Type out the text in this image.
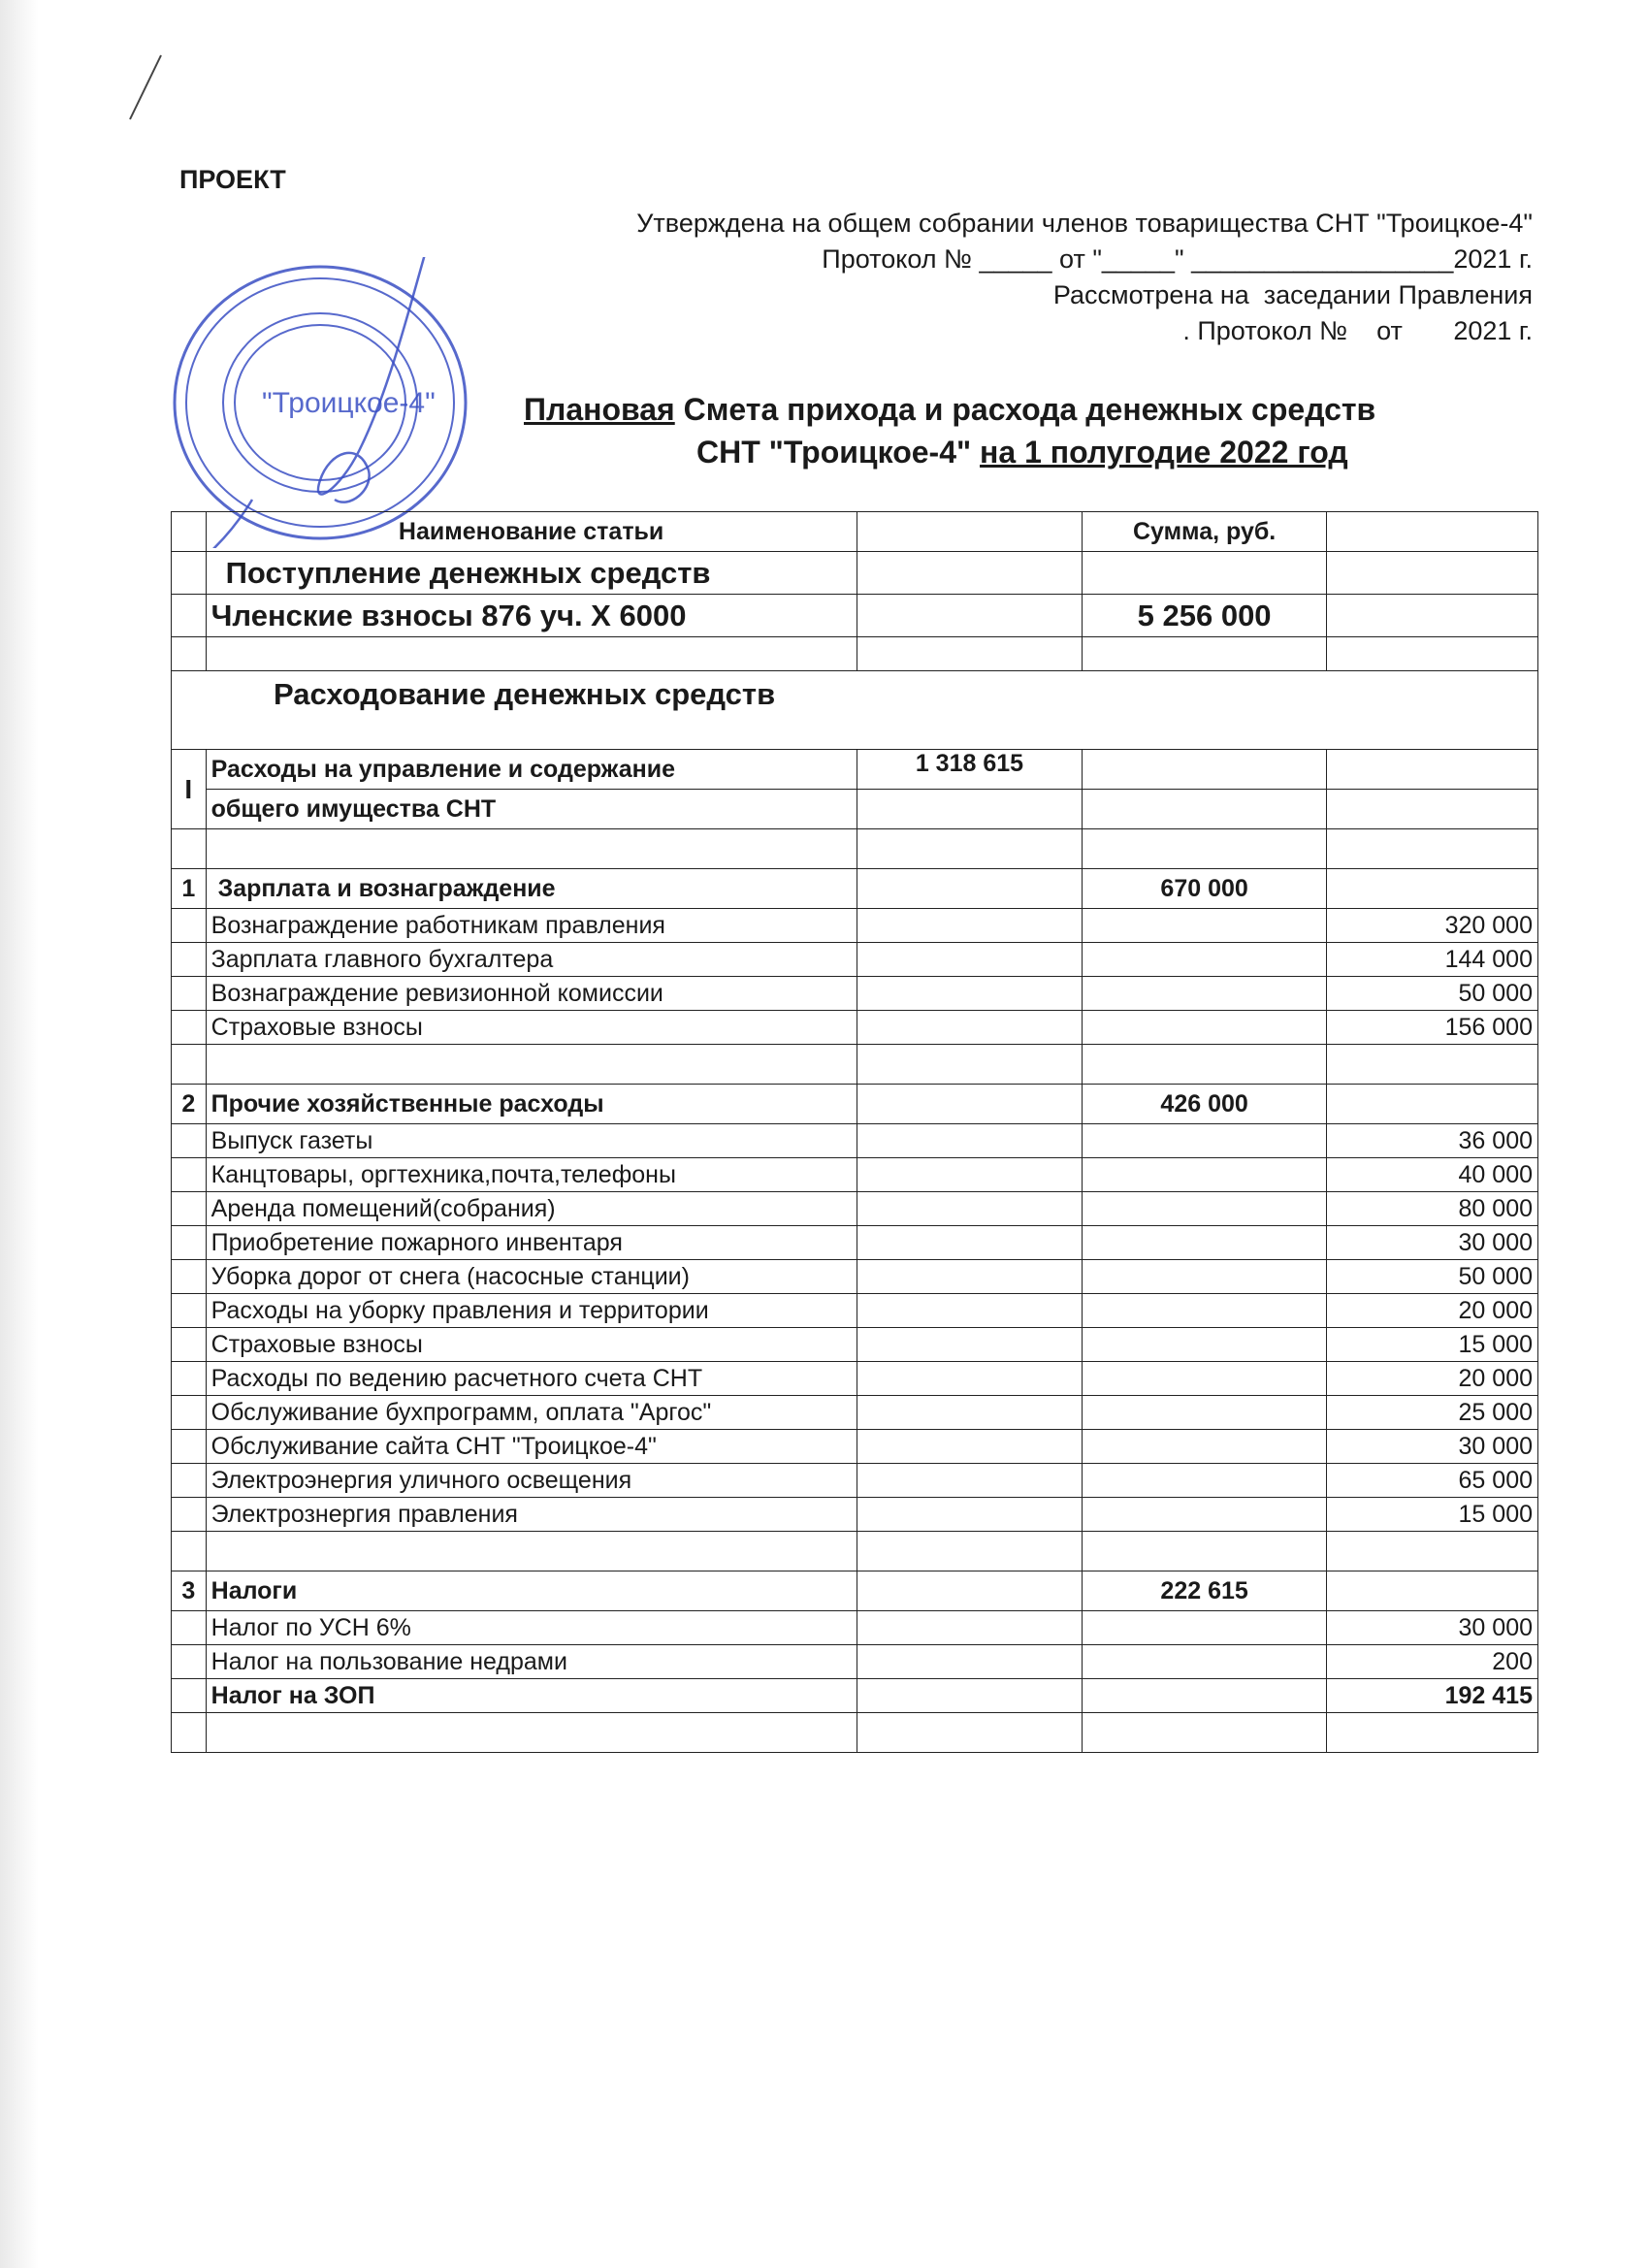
ПРОЕКТ
Утверждена на общем собрании членов товарищества СНТ "Троицкое-4"
Протокол № _____ от "_____" __________________2021 г.
Рассмотрена на  заседании Правления
. Протокол №    от       2021 г.
"Троицкое-4"	Плановая Смета прихода и расхода денежных средств
СНТ "Троицкое-4" на 1 полугодие 2022 год
	Наименование статьи		Сумма, руб.	
	Поступление денежных средств			
	Членские взносы 876 уч. Х 6000		5 256 000	

Расходование денежных средств				
I	Расходы на управление и содержание	1 318 615		
	общего имущества СНТ			

1	Зарплата и вознаграждение		670 000	
	Вознаграждение работникам правления			320 000
	Зарплата главного бухгалтера			144 000
	Вознаграждение ревизионной комиссии			50 000
	Страховые взносы			156 000

2	Прочие хозяйственные расходы		426 000	
	Выпуск газеты			36 000
	Канцтовары, оргтехника,почта,телефоны			40 000
	Аренда помещений(собрания)			80 000
	Приобретение пожарного инвентаря			30 000
	Уборка дорог от снега (насосные станции)			50 000
	Расходы на уборку правления и территории			20 000
	Страховые взносы			15 000
	Расходы по ведению расчетного счета СНТ			20 000
	Обслуживание бухпрограмм, оплата "Аргос"			25 000
	Обслуживание сайта СНТ "Троицкое-4"			30 000
	Электроэнергия уличного освещения			65 000
	Электрознергия правления			15 000

3	Налоги		222 615	
	Налог по УСН 6%			30 000
	Налог на пользование недрами			200
	Налог на ЗОП			192 415
